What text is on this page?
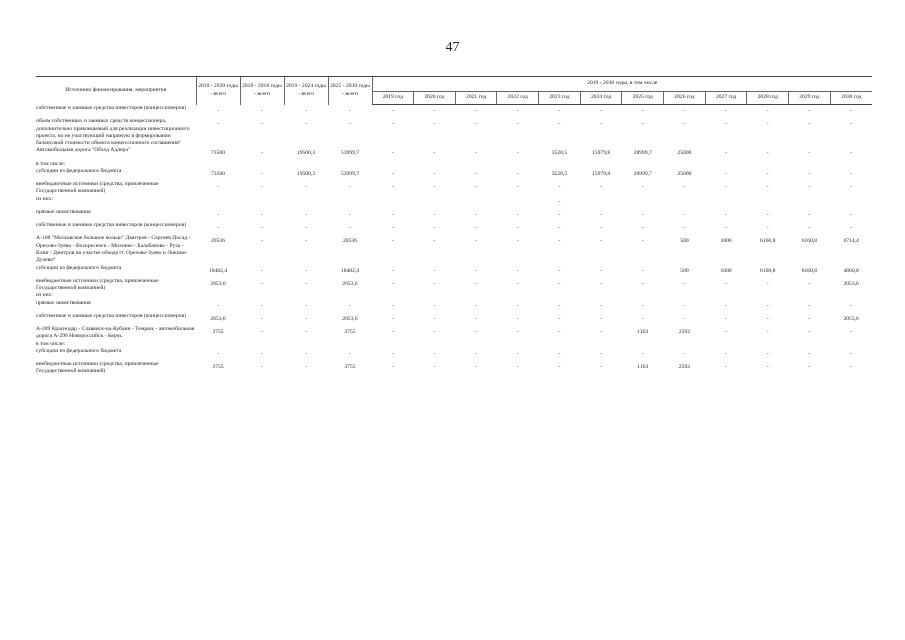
47
Источники финансирования, мероприятия	2010 - 2030 годы - всего	2010 - 2018 годы - всего	2019 - 2024 годы - всего	2025 - 2030 годы - всего	2019 - 2030 годы, в том числе											
					2019 год	2020 год	2021 год	2022 год	2023 год	2024 год	2025 год	2026 год	2027 год	2028 год	2029 год	2030 год
собственные и заемные средства инвесторов (концессионеров)	-	-	-	-	-	-	-	-	-	-	-	-	-	-	-	-
объем собственных и заемных средств концессионера, дополнительно привлекаемый для реализации инвестиционного проекта, но не участвующий напрямую в формировании балансовой стоимости объекта концессионного соглашения³	-	-	-	-	-	-	-	-	-	-	-	-	-	-	-	-
Автомобильная дорога "Обход Адлера"	73500	-	19500,3	53999,7	-	-	-	-	3520,5	15979,8	28999,7	25000	-	-	-	-
в том числе:																
субсидии из федерального бюджета	73500	-	19500,3	53999,7	-	-	-	-	3520,5	15979,8	28999,7	25000	-	-	-	-
внебюджетные источники (средства, привлеченные Государственной компанией)	-	-	-	-	-	-	-	-	-	-	-	-	-	-	-	-
из них:									-							
прямые заимствования	-	-	-	-	-	-	-	-	-	-	-	-	-	-	-	-
собственные и заемные средства инвесторов (концессионеров)	-	-	-	-	-	-	-	-	-	-	-	-	-	-	-	-
А-108 "Московское большое кольцо" Дмитров - Сергиев Посад - Орехово-Зуево - Воскресенск - Михнево - Балабаново - Руза - Клин - Дмитров на участке обхода гг. Орехово-Зуево и Ликино-Дулево⁴	20536	-	-	20536	-	-	-	-	-	-	-	500	1000	6160,8	6160,8	6714,4
субсидии из федерального бюджета	18482,4	-	-	18482,4	-	-	-	-	-	-	-	500	1000	6160,8	6160,8	4660,8
внебюджетные источники (средства, привлеченные Государственной компанией)	2053,6	-	-	2053,6	-	-	-	-	-	-	-	-	-	-	-	2053,6
из них:																
прямые заимствования	-	-	-	-	-	-	-	-	-	-	-	-	-	-	-	-
собственные и заемные средства инвесторов (концессионеров)	2053,6	-	-	2053,6	-	-	-	-	-	-	-	-	-	-	-	2053,6
А-289 Краснодар - Славянск-на-Кубани - Темрюк - автомобильная дорога А-290 Новороссийск - Керчь	3755	-	-	3755	-	-	-	-	-	-	1163	2592	-	-	-	-
в том числе:																
субсидии из федерального бюджета	-	-	-	-	-	-	-	-	-	-	-	-	-	-	-	-
внебюджетные источники (средства, привлеченные Государственной компанией)	3755	-	-	3755	-	-	-	-	-	-	1163	2592	-	-	-	-
